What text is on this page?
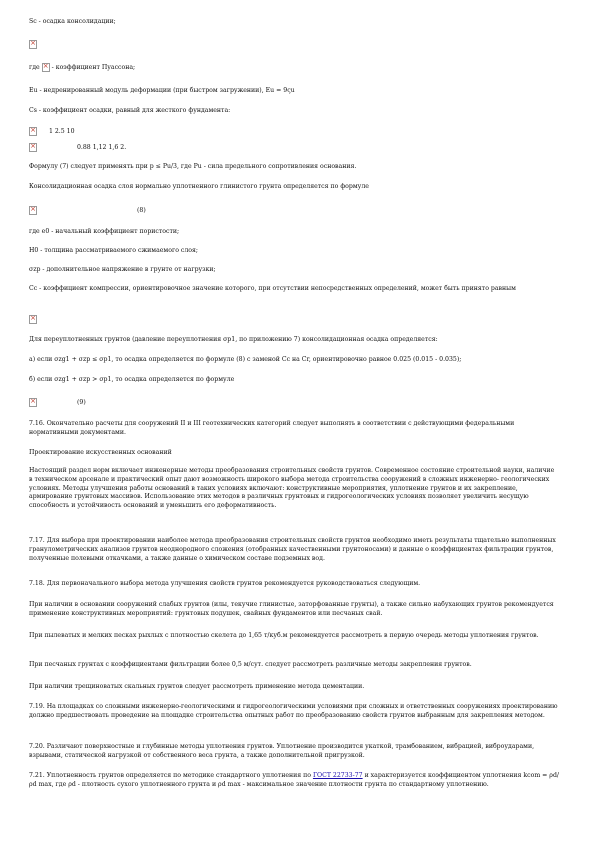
Sc - осадка консолидации;

×

где × - коэффициент Пуассона;

Eu - недренированный модуль деформации (при быстром загружении), Eu = 9ςu

Cs - коэффициент осадки, равный для жесткого фундамента:

× 1 2.5 10

× 0.88 1,12 1,6 2.

Формулу (7) следует применять при p ≤ Pu/3, где Pu - сила предельного сопротивления основания.

Консолидационная осадка слоя нормально уплотненного глинистого грунта определяется по формуле

× (8)

где e0 - начальный коэффициент пористости;

H0 - толщина рассматриваемого сжимаемого слоя;

σzp - дополнительное напряжение в грунте от нагрузки;

Cc - коэффициент компрессии, ориентировочное значение которого, при отсутствии непосредственных определений, может быть принято равным

×

Для переуплотненных грунтов (давление переуплотнения σp1, по приложению 7) консолидационная осадка определяется:

а) если σzg1 + σzp ≤ σp1, то осадка определяется по формуле (8) с заменой Cc на Cr, ориентировочно равное 0.025 (0.015 - 0.035);

б) если σzg1 + σzp > σp1, то осадка определяется по формуле

× (9)

7.16. Окончательно расчеты для сооружений II и III геотехнических категорий следует выполнять в соответствии с действующими федеральными нормативными документами.

Проектирование искусственных оснований

Настоящий раздел норм включает инженерные методы преобразования строительных свойств грунтов. Современное состояние строительной науки, наличие в техническом арсенале и практический опыт дают возможность широкого выбора метода строительства сооружений в сложных инженерно- геологических условиях. Методы улучшения работы оснований в таких условиях включают: конструктивные мероприятия, уплотнение грунтов и их закрепление, армирование грунтовых массивов. Использование этих методов в различных грунтовых и гидрогеологических условиях позволяет увеличить несущую способность и устойчивость оснований и уменьшить его деформативность.

7.17. Для выбора при проектировании наиболее метода преобразования строительных свойств грунтов необходимо иметь результаты тщательно выполненных гранулометрических анализов грунтов неоднородного сложения (отобранных качественными грунтоносами) и данные о коэффициентах фильтрации грунтов, полученные полевыми откачками, а также данные о химическом составе подземных вод.

7.18. Для первоначального выбора метода улучшения свойств грунтов рекомендуется руководствоваться следующим.

При наличии в основании сооружений слабых грунтов (илы, текучие глинистые, заторфованные грунты), а также сильно набухающих грунтов рекомендуется применение конструктивных мероприятий: грунтовых подушек, свайных фундаментов или песчаных свай.

При пылеватых и мелких песках рыхлых с плотностью скелета до 1,65 т/куб.м рекомендуется рассмотреть в первую очередь методы уплотнения грунтов.

При песчаных грунтах с коэффициентами фильтрации более 0,5 м/сут. следует рассмотреть различные методы закрепления грунтов.

При наличии трещиноватых скальных грунтов следует рассмотреть применение метода цементации.

7.19. На площадках со сложными инженерно-геологическими и гидрогеологическими условиями при сложных и ответственных сооружениях проектированию должно предшествовать проведение на площадке строительства опытных работ по преобразованию свойств грунтов выбранным для закрепления методом.

7.20. Различают поверхностные и глубинные методы уплотнения грунтов. Уплотнение производится укаткой, трамбованием, вибрацией, виброударами, взрывами, статической нагрузкой от собственного веса грунта, а также дополнительной пригрузкой.

7.21. Уплотненность грунтов определяется по методике стандартного уплотнения по ГОСТ 22733-77 и характеризуется коэффициентом уплотнения kcom = ρd/ρd max, где ρd - плотность сухого уплотненного грунта и ρd max - максимальное значение плотности грунта по стандартному уплотнению.
